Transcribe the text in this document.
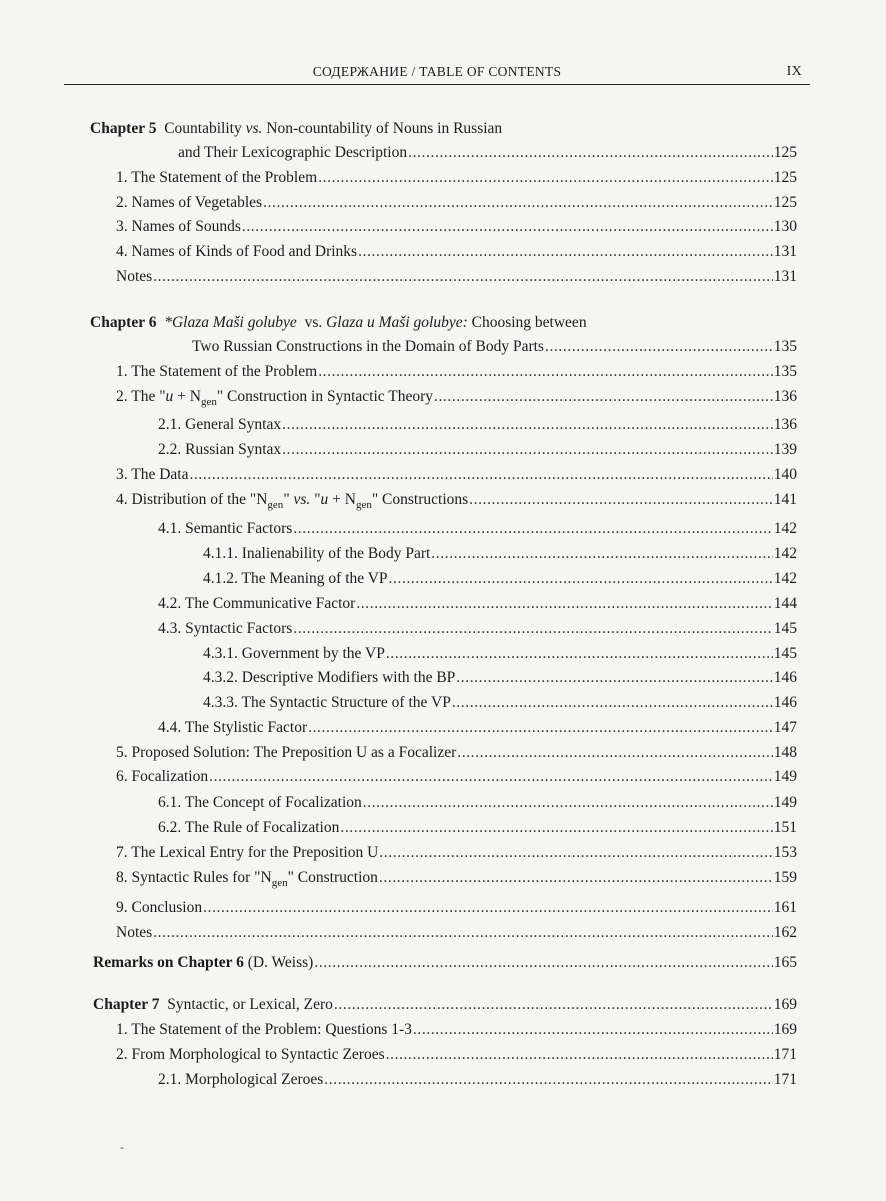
СОДЕРЖАНИЕ / TABLE OF CONTENTS	IX
Chapter 5 Countability vs. Non-countability of Nouns in Russian
and Their Lexicographic Description .....	125
1. The Statement of the Problem .....	125
2. Names of Vegetables .....	125
3. Names of Sounds .....	130
4. Names of Kinds of Food and Drinks .....	131
Notes .....	131
Chapter 6 *Glaza Maši golubye vs. Glaza u Maši golubye: Choosing between
Two Russian Constructions in the Domain of Body Parts .....	135
1. The Statement of the Problem .....	135
2. The "$u + N_{gen}$" Construction in Syntactic Theory .....	136
2.1. General Syntax .....	136
2.2. Russian Syntax .....	139
3. The Data .....	140
4. Distribution of the "$N_{gen}$" vs. "$u + N_{gen}$" Constructions .....	141
4.1. Semantic Factors .....	142
4.1.1. Inalienability of the Body Part .....	142
4.1.2. The Meaning of the VP .....	142
4.2. The Communicative Factor .....	144
4.3. Syntactic Factors .....	145
4.3.1. Government by the VP .....	145
4.3.2. Descriptive Modifiers with the BP .....	146
4.3.3. The Syntactic Structure of the VP .....	146
4.4. The Stylistic Factor .....	147
5. Proposed Solution: The Preposition U as a Focalizer .....	148
6. Focalization .....	149
6.1. The Concept of Focalization .....	149
6.2. The Rule of Focalization .....	151
7. The Lexical Entry for the Preposition U .....	153
8. Syntactic Rules for "$N_{gen}$" Construction .....	159
9. Conclusion .....	161
Notes .....	162
Remarks on Chapter 6 (D. Weiss) .....	165
Chapter 7 Syntactic, or Lexical, Zero .....	169
1. The Statement of the Problem: Questions 1-3 .....	169
2. From Morphological to Syntactic Zeroes .....	171
2.1. Morphological Zeroes .....	171
-
